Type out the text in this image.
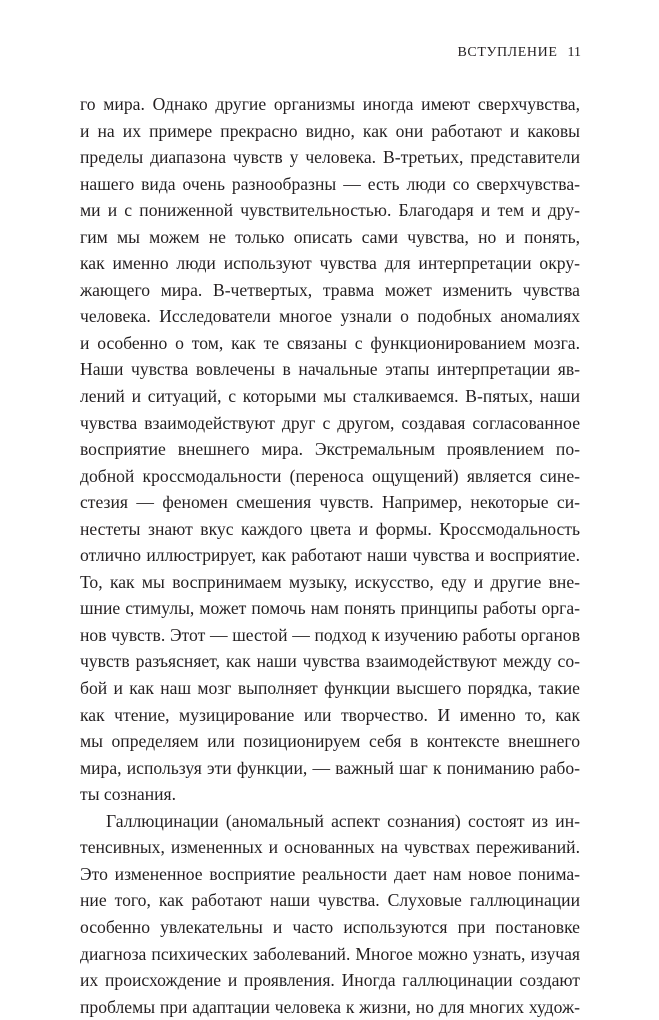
ВСТУПЛЕНИЕ 11
го мира. Однако другие организмы иногда имеют сверхчувства,
и на их примере прекрасно видно, как они работают и каковы
пределы диапазона чувств у человека. В-третьих, представители
нашего вида очень разнообразны — есть люди со сверхчувства-
ми и с пониженной чувствительностью. Благодаря и тем и дру-
гим мы можем не только описать сами чувства, но и понять,
как именно люди используют чувства для интерпретации окру-
жающего мира. В-четвертых, травма может изменить чувства
человека. Исследователи многое узнали о подобных аномалиях
и особенно о том, как те связаны с функционированием мозга.
Наши чувства вовлечены в начальные этапы интерпретации яв-
лений и ситуаций, с которыми мы сталкиваемся. В-пятых, наши
чувства взаимодействуют друг с другом, создавая согласованное
восприятие внешнего мира. Экстремальным проявлением по-
добной кроссмодальности (переноса ощущений) является сине-
стезия — феномен смешения чувств. Например, некоторые си-
нестеты знают вкус каждого цвета и формы. Кроссмодальность
отлично иллюстрирует, как работают наши чувства и восприятие.
То, как мы воспринимаем музыку, искусство, еду и другие вне-
шние стимулы, может помочь нам понять принципы работы орга-
нов чувств. Этот — шестой — подход к изучению работы органов
чувств разъясняет, как наши чувства взаимодействуют между со-
бой и как наш мозг выполняет функции высшего порядка, такие
как чтение, музицирование или творчество. И именно то, как
мы определяем или позиционируем себя в контексте внешнего
мира, используя эти функции, — важный шаг к пониманию рабо-
ты сознания.
Галлюцинации (аномальный аспект сознания) состоят из ин-
тенсивных, измененных и основанных на чувствах переживаний.
Это измененное восприятие реальности дает нам новое понима-
ние того, как работают наши чувства. Слуховые галлюцинации
особенно увлекательны и часто используются при постановке
диагноза психических заболеваний. Многое можно узнать, изучая
их происхождение и проявления. Иногда галлюцинации создают
проблемы при адаптации человека к жизни, но для многих худож-
